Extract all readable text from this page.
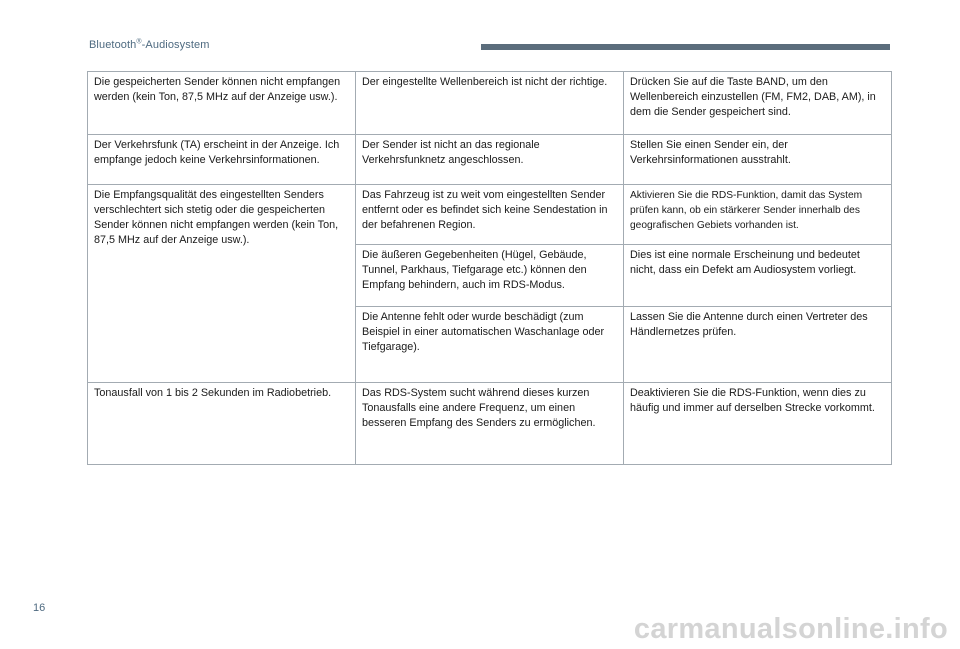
Bluetooth®-Audiosystem
Die gespeicherten Sender können nicht empfangen werden (kein Ton, 87,5 MHz auf der Anzeige usw.).	Der eingestellte Wellenbereich ist nicht der richtige.	Drücken Sie auf die Taste BAND, um den Wellenbereich einzustellen (FM, FM2, DAB, AM), in dem die Sender gespeichert sind.
Der Verkehrsfunk (TA) erscheint in der Anzeige. Ich empfange jedoch keine Verkehrsinformationen.	Der Sender ist nicht an das regionale Verkehrsfunknetz angeschlossen.	Stellen Sie einen Sender ein, der Verkehrsinformationen ausstrahlt.
Die Empfangsqualität des eingestellten Senders verschlechtert sich stetig oder die gespeicherten Sender können nicht empfangen werden (kein Ton, 87,5 MHz auf der Anzeige usw.).	Das Fahrzeug ist zu weit vom eingestellten Sender entfernt oder es befindet sich keine Sendestation in der befahrenen Region.	Aktivieren Sie die RDS-Funktion, damit das System prüfen kann, ob ein stärkerer Sender innerhalb des geografischen Gebiets vorhanden ist.
	Die äußeren Gegebenheiten (Hügel, Gebäude, Tunnel, Parkhaus, Tiefgarage etc.) können den Empfang behindern, auch im RDS-Modus.	Dies ist eine normale Erscheinung und bedeutet nicht, dass ein Defekt am Audiosystem vorliegt.
	Die Antenne fehlt oder wurde beschädigt (zum Beispiel in einer automatischen Waschanlage oder Tiefgarage).	Lassen Sie die Antenne durch einen Vertreter des Händlernetzes prüfen.
Tonausfall von 1 bis 2 Sekunden im Radiobetrieb.	Das RDS-System sucht während dieses kurzen Tonausfalls eine andere Frequenz, um einen besseren Empfang des Senders zu ermöglichen.	Deaktivieren Sie die RDS-Funktion, wenn dies zu häufig und immer auf derselben Strecke vorkommt.
16
carmanualsonline.info
